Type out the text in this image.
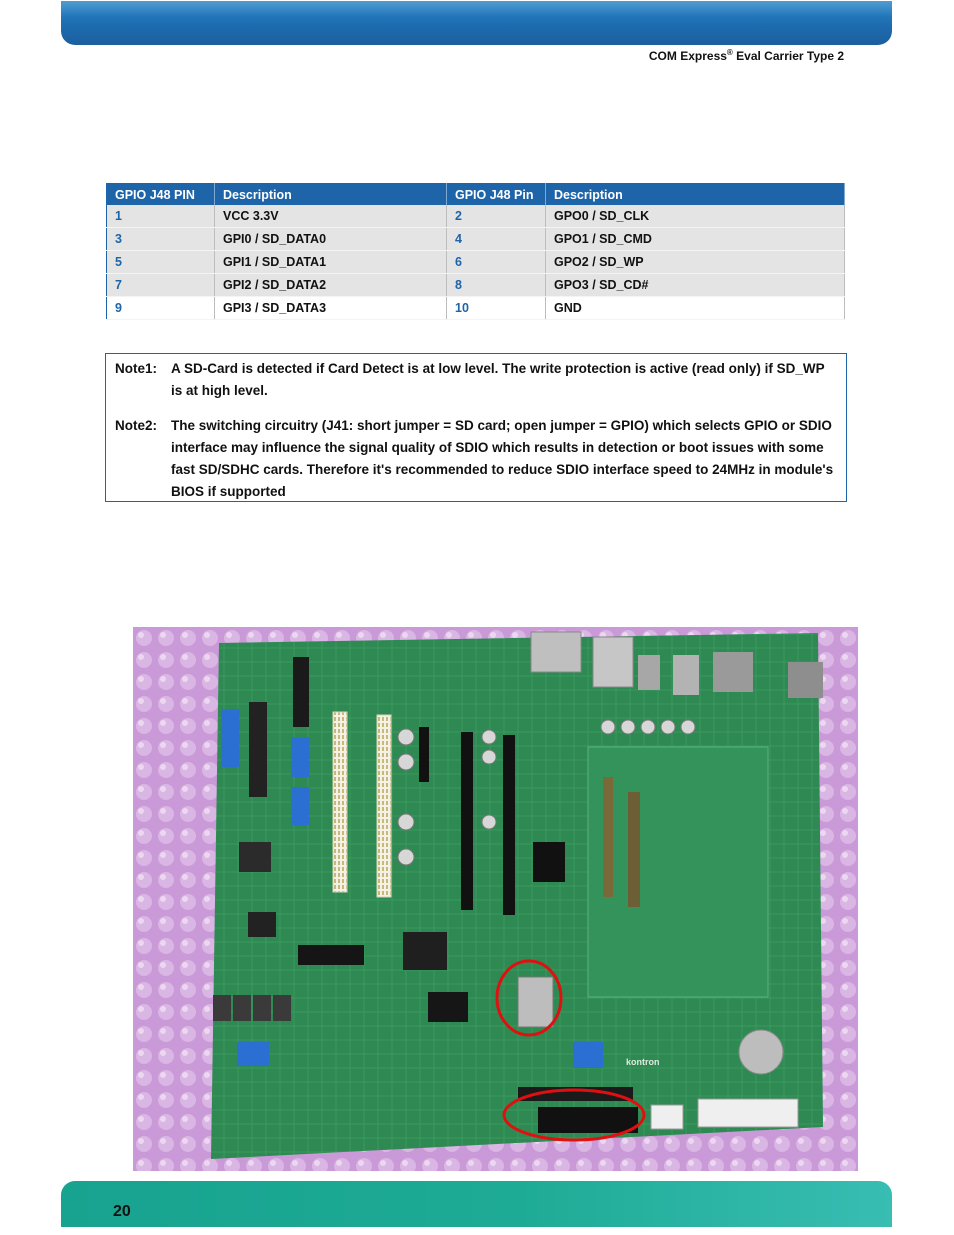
COM Express® Eval Carrier Type 2
GPIO J48 PIN	Description	GPIO J48 Pin	Description
1	VCC 3.3V	2	GPO0 / SD_CLK
3	GPI0 / SD_DATA0	4	GPO1 / SD_CMD
5	GPI1 / SD_DATA1	6	GPO2 / SD_WP
7	GPI2 / SD_DATA2	8	GPO3 / SD_CD#
9	GPI3 / SD_DATA3	10	GND
Note1:	A SD-Card is detected if Card Detect is at low level. The write protection is active (read only) if SD_WP is at high level.
Note2:	The switching circuitry (J41: short jumper = SD card; open jumper = GPIO) which selects GPIO or SDIO interface may influence the signal quality of SDIO which results in detection or boot issues with some fast SD/SDHC cards. Therefore it's recommended to reduce SDIO interface speed to 24MHz in module's BIOS if supported
kontron
20
